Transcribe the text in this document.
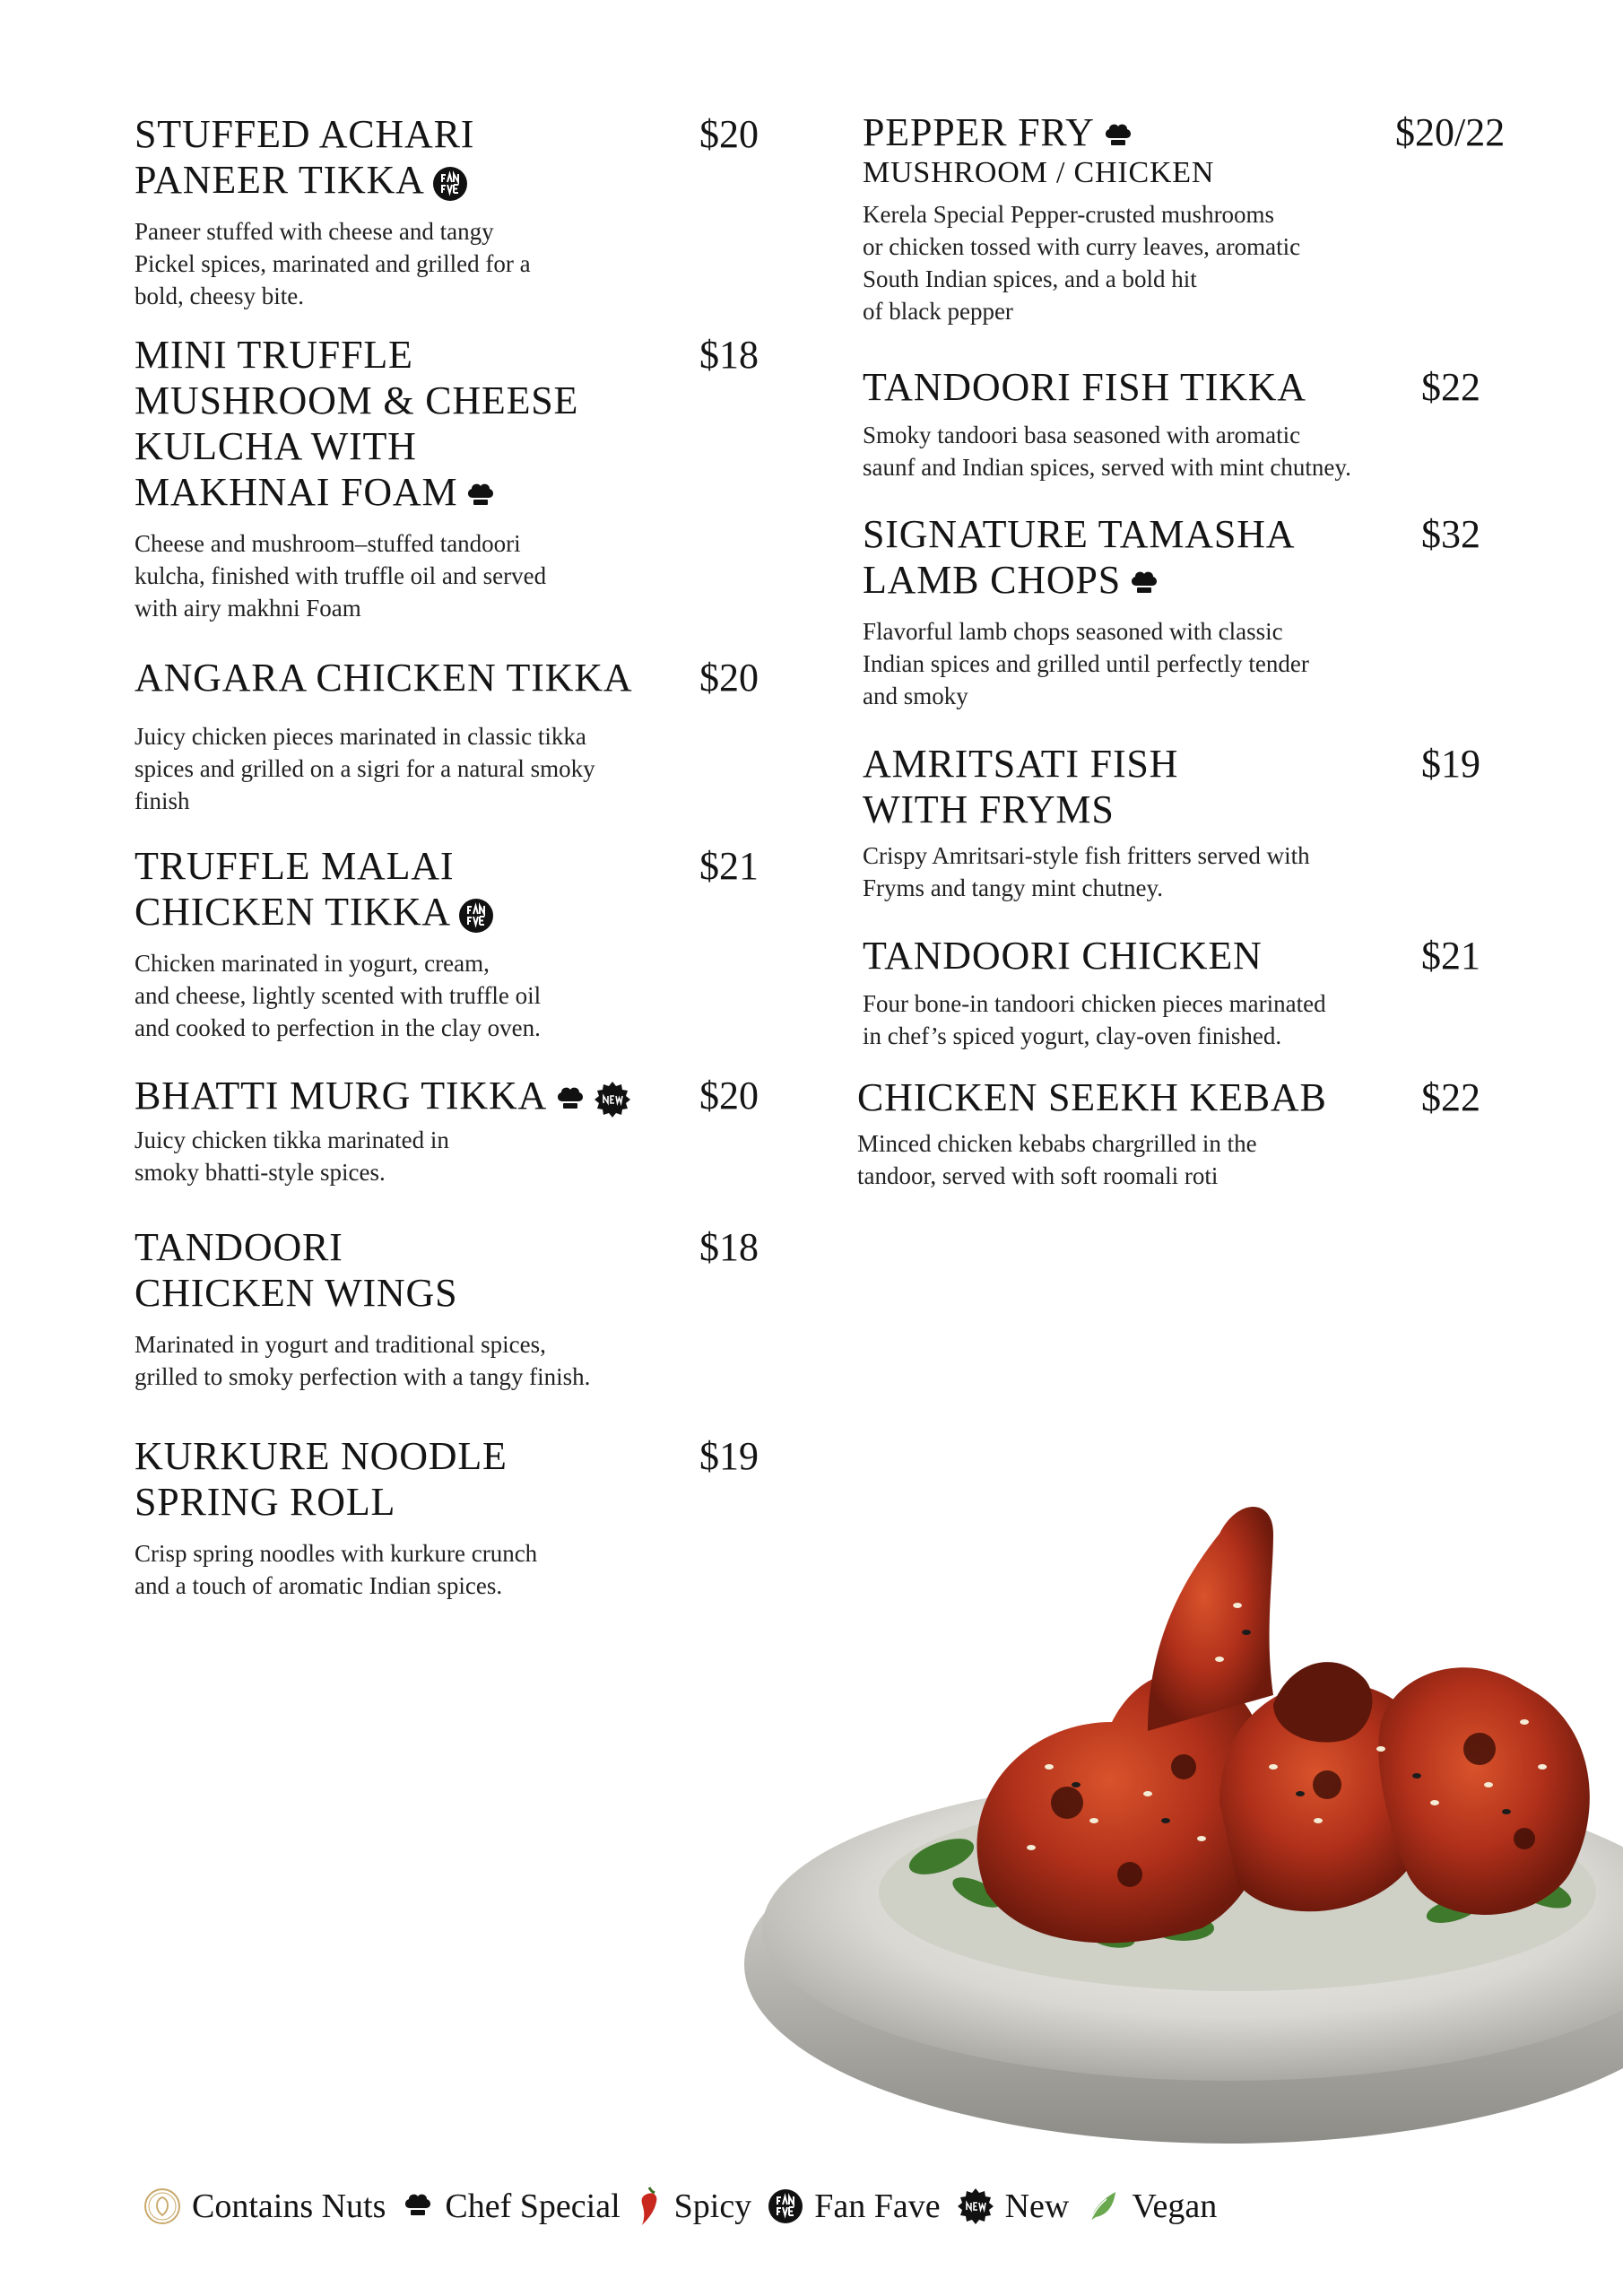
STUFFED ACHARI
PANEER TIKKA
Paneer stuffed with cheese and tangy
Pickel spices, marinated and grilled for a
bold, cheesy bite.
$20
MINI TRUFFLE
MUSHROOM & CHEESE
KULCHA WITH
MAKHNAI FOAM
Cheese and mushroom–stuffed tandoori
kulcha, finished with truffle oil and served
with airy makhni Foam
$18
ANGARA CHICKEN TIKKA
Juicy chicken pieces marinated in classic tikka
spices and grilled on a sigri for a natural smoky
finish
$20
TRUFFLE MALAI
CHICKEN TIKKA
Chicken marinated in yogurt, cream,
and cheese, lightly scented with truffle oil
and cooked to perfection in the clay oven.
$21
BHATTI MURG TIKKA
Juicy chicken tikka marinated in
smoky bhatti-style spices.
$20
TANDOORI
CHICKEN WINGS
Marinated in yogurt and traditional spices,
grilled to smoky perfection with a tangy finish.
$18
KURKURE NOODLE
SPRING ROLL
Crisp spring noodles with kurkure crunch
and a touch of aromatic Indian spices.
$19
PEPPER FRY
MUSHROOM / CHICKEN
Kerela Special Pepper-crusted mushrooms
or chicken tossed with curry leaves, aromatic
South Indian spices, and a bold hit
of black pepper
$20/22
TANDOORI FISH TIKKA
Smoky tandoori basa seasoned with aromatic
saunf and Indian spices, served with mint chutney.
$22
SIGNATURE TAMASHA
LAMB CHOPS
Flavorful lamb chops seasoned with classic
Indian spices and grilled until perfectly tender
and smoky
$32
AMRITSATI FISH
WITH FRYMS
Crispy Amritsari-style fish fritters served with
Fryms and tangy mint chutney.
$19
TANDOORI CHICKEN
Four bone-in tandoori chicken pieces marinated
in chef’s spiced yogurt, clay-oven finished.
$21
CHICKEN SEEKH KEBAB
Minced chicken kebabs chargrilled in the
tandoor, served with soft roomali roti
$22
Contains Nuts Chef Special Spicy Fan Fave New Vegan
